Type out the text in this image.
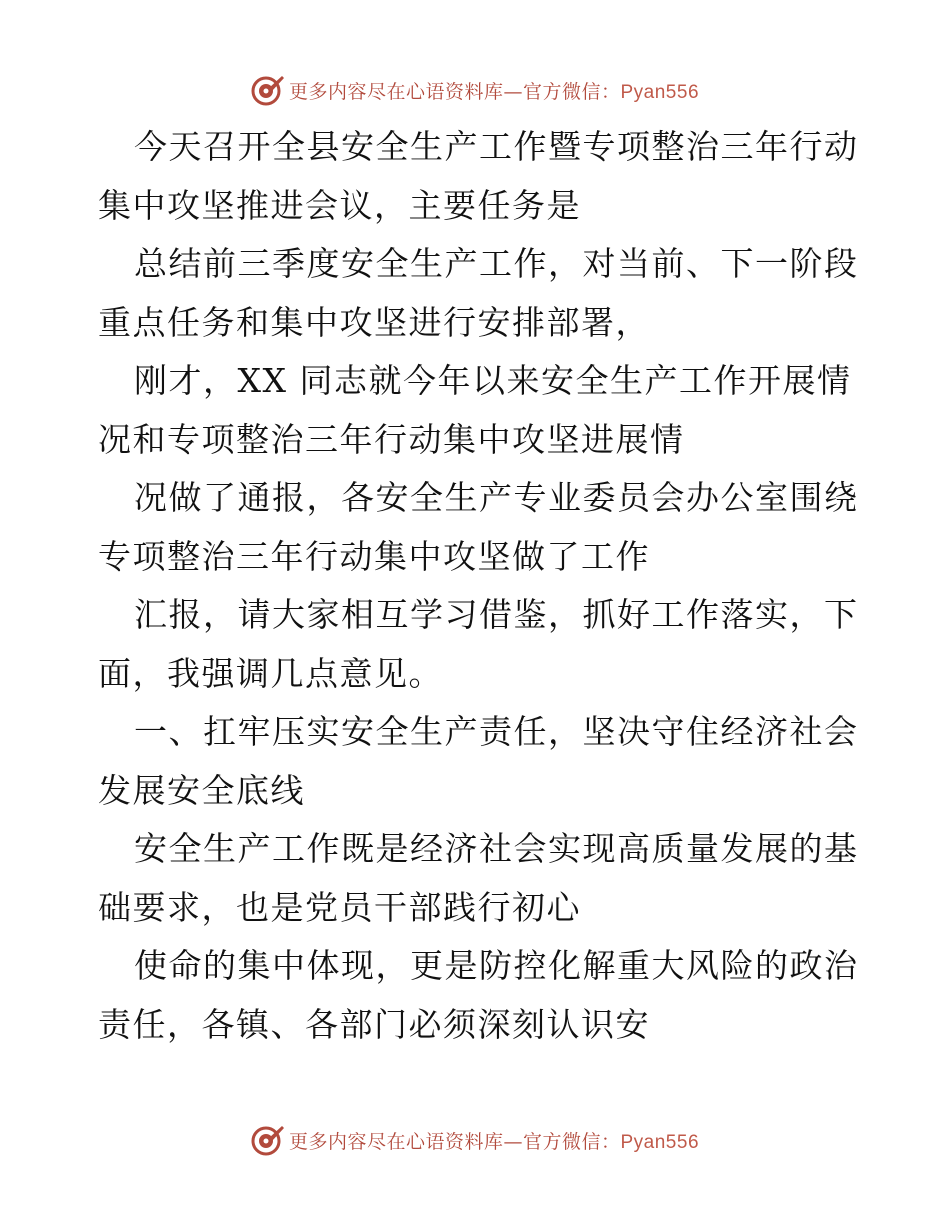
更多内容尽在心语资料库—官方微信：Pyan556

今天召开全县安全生产工作暨专项整治三年行动
集中攻坚推进会议，主要任务是

总结前三季度安全生产工作，对当前、下一阶段
重点任务和集中攻坚进行安排部署，

刚才，XX 同志就今年以来安全生产工作开展情
况和专项整治三年行动集中攻坚进展情

况做了通报，各安全生产专业委员会办公室围绕
专项整治三年行动集中攻坚做了工作

汇报，请大家相互学习借鉴，抓好工作落实，下
面，我强调几点意见。

一、扛牢压实安全生产责任，坚决守住经济社会
发展安全底线

安全生产工作既是经济社会实现高质量发展的基
础要求，也是党员干部践行初心

使命的集中体现，更是防控化解重大风险的政治
责任，各镇、各部门必须深刻认识安

更多内容尽在心语资料库—官方微信：Pyan556
